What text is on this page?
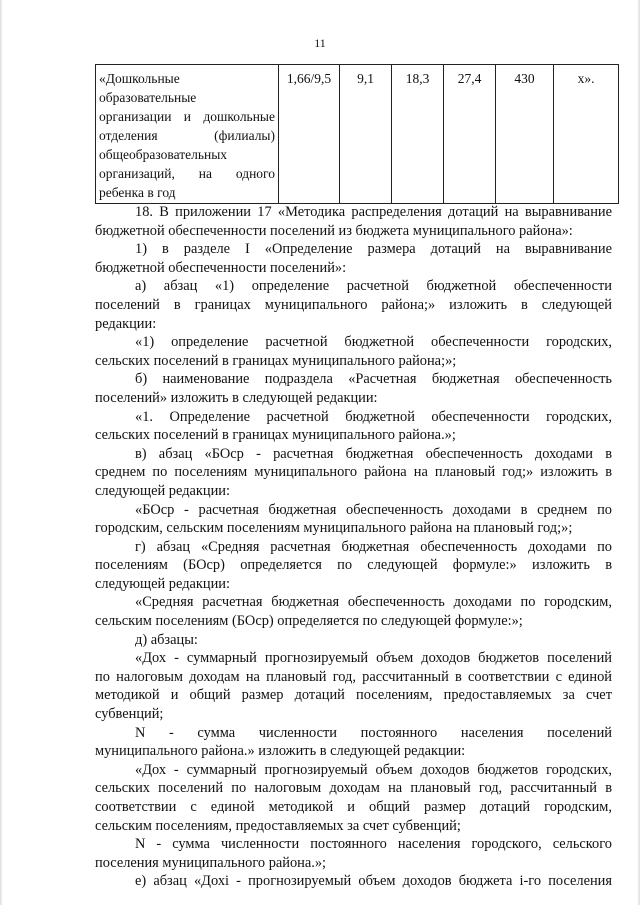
11
«Дошкольные
образовательные
организации и дошкольные
отделения (филиалы)
общеобразовательных
организаций, на одного
ребенка в год
	1,66/9,5	9,1	18,3	27,4	430	х».
18. В приложении 17 «Методика распределения дотаций на выравнивание
бюджетной обеспеченности поселений из бюджета муниципального района»:
1) в разделе I «Определение размера дотаций на выравнивание
бюджетной обеспеченности поселений»:
а) абзац «1) определение расчетной бюджетной обеспеченности
поселений в границах муниципального района;» изложить в следующей
редакции:
«1) определение расчетной бюджетной обеспеченности городских,
сельских поселений в границах муниципального района;»;
б) наименование подраздела «Расчетная бюджетная обеспеченность
поселений» изложить в следующей редакции:
«1. Определение расчетной бюджетной обеспеченности городских,
сельских поселений в границах муниципального района.»;
в) абзац «БОср - расчетная бюджетная обеспеченность доходами в
среднем по поселениям муниципального района на плановый год;» изложить в
следующей редакции:
«БОср - расчетная бюджетная обеспеченность доходами в среднем по
городским, сельским поселениям муниципального района на плановый год;»;
г) абзац «Средняя расчетная бюджетная обеспеченность доходами по
поселениям (БОср) определяется по следующей формуле:» изложить в
следующей редакции:
«Средняя расчетная бюджетная обеспеченность доходами по городским,
сельским поселениям (БОср) определяется по следующей формуле:»;
д) абзацы:
«Дох - суммарный прогнозируемый объем доходов бюджетов поселений
по налоговым доходам на плановый год, рассчитанный в соответствии с единой
методикой и общий размер дотаций поселениям, предоставляемых за счет
субвенций;
N - сумма численности постоянного населения поселений
муниципального района.» изложить в следующей редакции:
«Дох - суммарный прогнозируемый объем доходов бюджетов городских,
сельских поселений по налоговым доходам на плановый год, рассчитанный в
соответствии с единой методикой и общий размер дотаций городским,
сельским поселениям, предоставляемых за счет субвенций;
N - сумма численности постоянного населения городского, сельского
поселения муниципального района.»;
е) абзац «Дохi - прогнозируемый объем доходов бюджета i-го поселения
